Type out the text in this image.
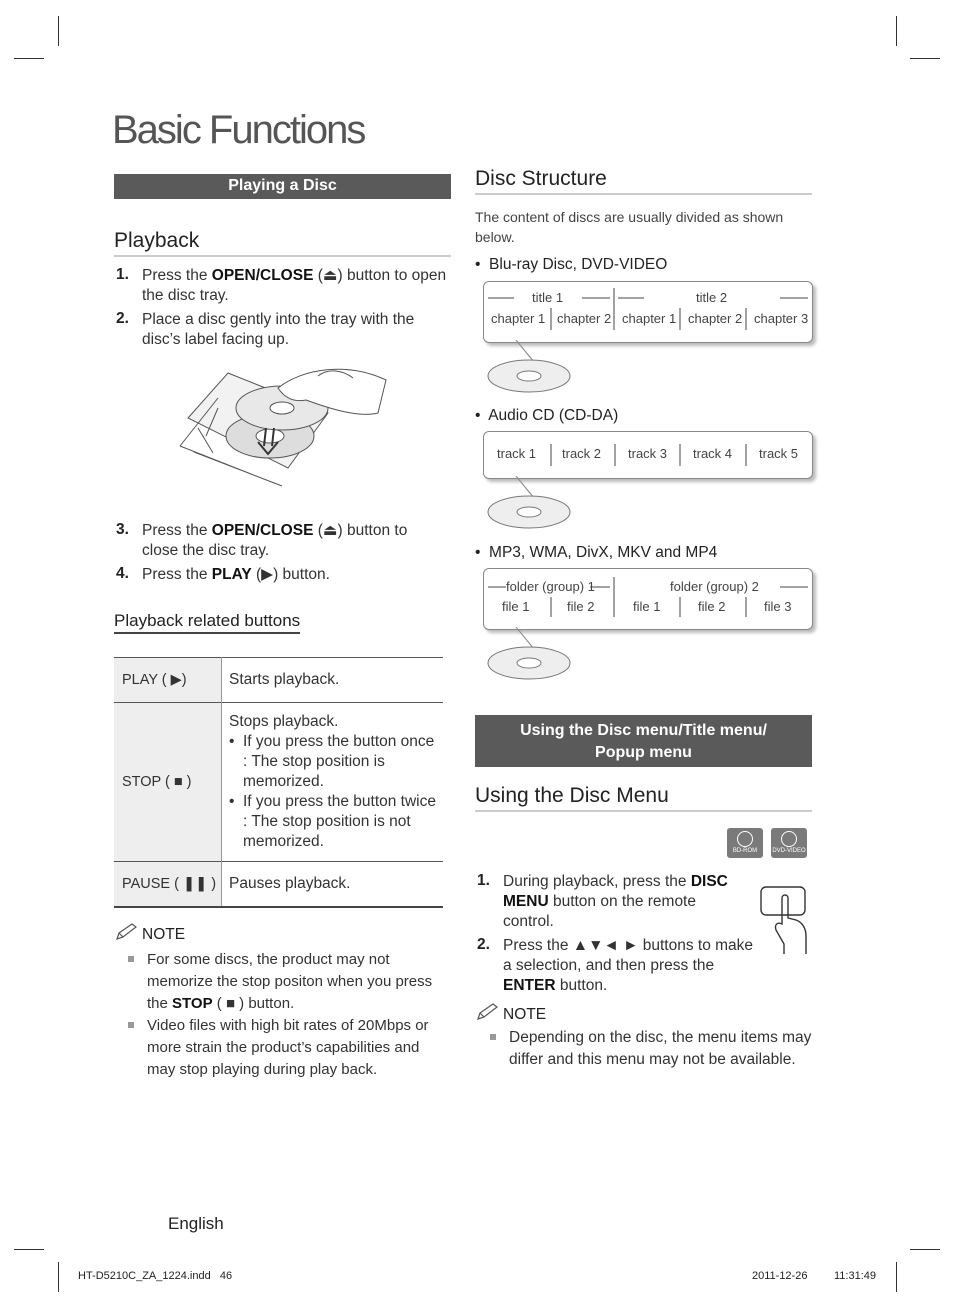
Basic Functions
Playing a Disc
Playback
1. Press the OPEN/CLOSE (⏏) button to open the disc tray.
2. Place a disc gently into the tray with the disc’s label facing up.
3. Press the OPEN/CLOSE (⏏) button to close the disc tray.
4. Press the PLAY (▶) button.
Playback related buttons
PLAY ( ▶)	Starts playback.
STOP ( ■ )	Stops playback.
• If you press the button once : The stop position is memorized.
• If you press the button twice : The stop position is not memorized.

PAUSE ( ❚❚ )	Pauses playback.
NOTE
For some discs, the product may not memorize the stop positon when you press the STOP ( ■ ) button.
Video files with high bit rates of 20Mbps or more strain the product’s capabilities and may stop playing during play back.
Disc Structure
The content of discs are usually divided as shown below.
•  Blu-ray Disc, DVD-VIDEO
title 1	title 2
chapter 1 chapter 2 chapter 1 chapter 2 chapter 3
•  Audio CD (CD-DA)
track 1 track 2 track 3 track 4 track 5
•  MP3, WMA, DivX, MKV and MP4
folder (group) 1	folder (group) 2
file 1	file 2	file 1	file 2	file 3
Using the Disc menu/Title menu/
Popup menu
Using the Disc Menu
BD-ROM	DVD-VIDEO
1. During playback, press the DISC MENU button on the remote control.
2. Press the ▲▼◄ ► buttons to make a selection, and then press the ENTER button.
NOTE
Depending on the disc, the menu items may differ and this menu may not be available.
English
HT-D5210C_ZA_1224.indd   46	2011-12-26 11:31:49
